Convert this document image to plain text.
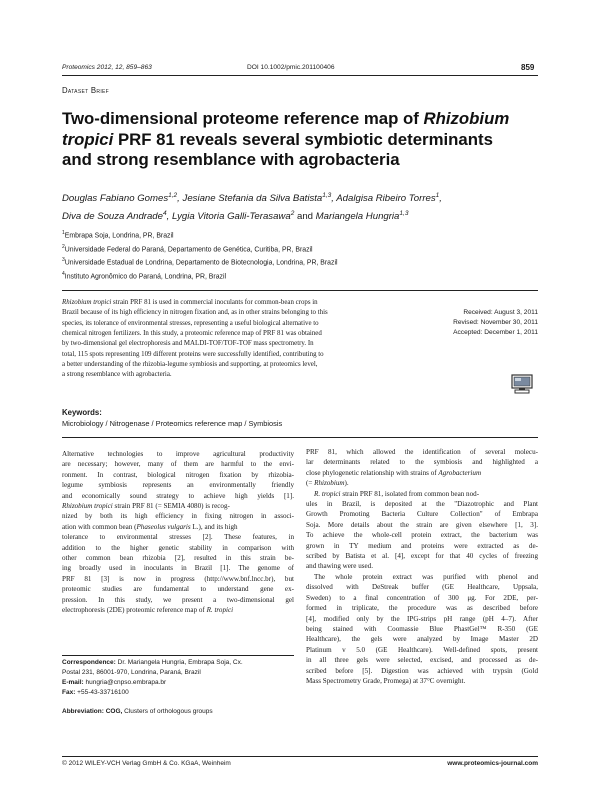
Proteomics 2012, 12, 859–863	DOI 10.1002/pmic.201100406	859
Dataset Brief
Two-dimensional proteome reference map of Rhizobium
tropici PRF 81 reveals several symbiotic determinants
and strong resemblance with agrobacteria
Douglas Fabiano Gomes$^{1,2}$, Jesiane Stefania da Silva Batista$^{1,3}$, Adalgisa Ribeiro Torres$^1$,
Diva de Souza Andrade$^4$, Lygia Vitoria Galli-Terasawa$^2$ and Mariangela Hungria$^{1,3}$
$^1$Embrapa Soja, Londrina, PR, Brazil
$^2$Universidade Federal do Paraná, Departamento de Genética, Curitiba, PR, Brazil
$^3$Universidade Estadual de Londrina, Departamento de Biotecnologia, Londrina, PR, Brazil
$^4$Instituto Agronômico do Paraná, Londrina, PR, Brazil
Rhizobium tropici strain PRF 81 is used in commercial inoculants for common-bean crops in
Brazil because of its high efficiency in nitrogen fixation and, as in other strains belonging to this
species, its tolerance of environmental stresses, representing a useful biological alternative to
chemical nitrogen fertilizers. In this study, a proteomic reference map of PRF 81 was obtained
by two-dimensional gel electrophoresis and MALDI-TOF/TOF-TOF mass spectrometry. In
total, 115 spots representing 109 different proteins were successfully identified, contributing to
a better understanding of the rhizobia-legume symbiosis and supporting, at proteomics level,
a strong resemblance with agrobacteria.
Received: August 3, 2011
Revised: November 30, 2011
Accepted: December 1, 2011
Keywords:
Microbiology / Nitrogenase / Proteomics reference map / Symbiosis
Alternative technologies to improve agricultural productivity
are necessary; however, many of them are harmful to the envi-
ronment. In contrast, biological nitrogen fixation by rhizobia-
legume symbiosis represents an environmentally friendly
and economically sound strategy to achieve high yields [1].
Rhizobium tropici strain PRF 81 (= SEMIA 4080) is recog-
nized by both its high efficiency in fixing nitrogen in associ-
ation with common bean (Phaseolus vulgaris L.), and its high
tolerance to environmental stresses [2]. These features, in
addition to the higher genetic stability in comparison with
other common bean rhizobia [2], resulted in this strain be-
ing broadly used in inoculants in Brazil [1]. The genome of
PRF 81 [3] is now in progress (http://www.bnf.lncc.br), but
proteomic studies are fundamental to understand gene ex-
pression. In this study, we present a two-dimensional gel
electrophoresis (2DE) proteomic reference map of R. tropici
PRF 81, which allowed the identification of several molecu-
lar determinants related to the symbiosis and highlighted a
close phylogenetic relationship with strains of Agrobacterium
(= Rhizobium).
R. tropici strain PRF 81, isolated from common bean nod-
ules in Brazil, is deposited at the "Diazotrophic and Plant
Growth Promoting Bacteria Culture Collection" of Embrapa
Soja. More details about the strain are given elsewhere [1, 3].
To achieve the whole-cell protein extract, the bacterium was
grown in TY medium and proteins were extracted as de-
scribed by Batista et al. [4], except for that 40 cycles of freezing
and thawing were used.
The whole protein extract was purified with phenol and
dissolved with DeStreak buffer (GE Healthcare, Uppsala,
Sweden) to a final concentration of 300 μg. For 2DE, per-
formed in triplicate, the procedure was as described before
[4], modified only by the IPG-strips pH range (pH 4–7). After
being stained with Coomassie Blue PhastGel™ R-350 (GE
Healthcare), the gels were analyzed by Image Master 2D
Platinum v 5.0 (GE Healthcare). Well-defined spots, present
in all three gels were selected, excised, and processed as de-
scribed before [5]. Digestion was achieved with trypsin (Gold
Mass Spectrometry Grade, Promega) at 37°C overnight.
Correspondence: Dr. Mariangela Hungria, Embrapa Soja, Cx.
Postal 231, 86001-970, Londrina, Paraná, Brazil
E-mail: hungria@cnpso.embrapa.br
Fax: +55-43-33716100
Abbreviation: COG, Clusters of orthologous groups
© 2012 WILEY-VCH Verlag GmbH & Co. KGaA, Weinheim	www.proteomics-journal.com
